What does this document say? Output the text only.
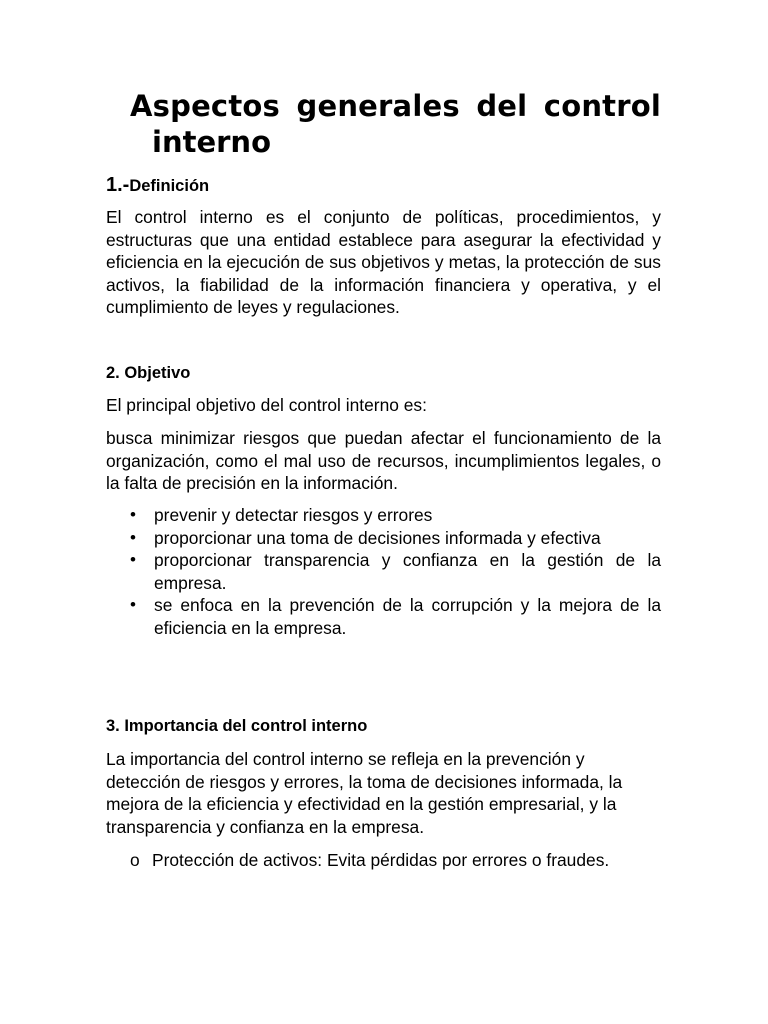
Aspectos generales del control
interno
1.-Definición

El control interno es el conjunto de políticas, procedimientos, y estructuras que una entidad establece para asegurar la efectividad y eficiencia en la ejecución de sus objetivos y metas, la protección de sus activos, la fiabilidad de la información financiera y operativa, y el cumplimiento de leyes y regulaciones.

2. Objetivo

El principal objetivo del control interno es:

busca minimizar riesgos que puedan afectar el funcionamiento de la organización, como el mal uso de recursos, incumplimientos legales, o la falta de precisión en la información.

• prevenir y detectar riesgos y errores
• proporcionar una toma de decisiones informada y efectiva
• proporcionar transparencia y confianza en la gestión de la empresa.
• se enfoca en la prevención de la corrupción y la mejora de la eficiencia en la empresa.
3. Importancia del control interno

La importancia del control interno se refleja en la prevención y detección de riesgos y errores, la toma de decisiones informada, la mejora de la eficiencia y efectividad en la gestión empresarial, y la transparencia y confianza en la empresa.

o Protección de activos: Evita pérdidas por errores o fraudes.
